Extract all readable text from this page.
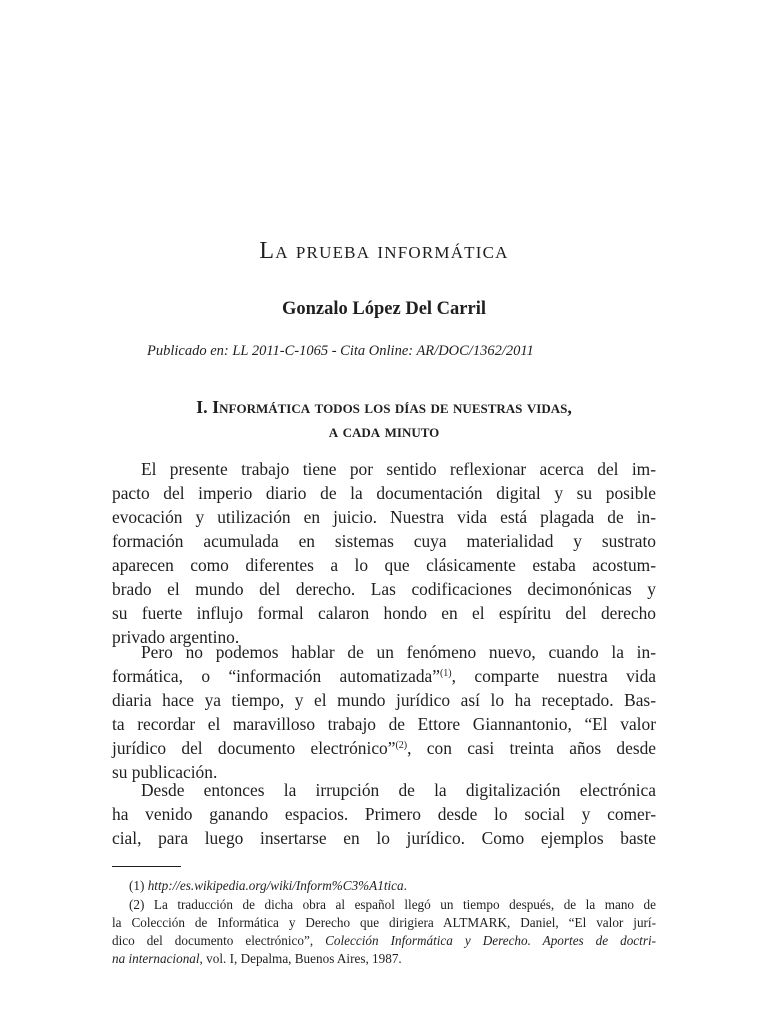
La prueba informática
Gonzalo López Del Carril
Publicado en: LL 2011-C-1065 - Cita Online: AR/DOC/1362/2011
I. Informática todos los días de nuestras vidas,
a cada minuto
El presente trabajo tiene por sentido reflexionar acerca del im-
pacto del imperio diario de la documentación digital y su posible
evocación y utilización en juicio. Nuestra vida está plagada de in-
formación acumulada en sistemas cuya materialidad y sustrato
aparecen como diferentes a lo que clásicamente estaba acostum-
brado el mundo del derecho. Las codificaciones decimonónicas y
su fuerte influjo formal calaron hondo en el espíritu del derecho
privado argentino.
Pero no podemos hablar de un fenómeno nuevo, cuando la in-
formática, o “información automatizada”$^{(1)}$, comparte nuestra vida
diaria hace ya tiempo, y el mundo jurídico así lo ha receptado. Bas-
ta recordar el maravilloso trabajo de Ettore Giannantonio, “El valor
jurídico del documento electrónico”$^{(2)}$, con casi treinta años desde
su publicación.
Desde entonces la irrupción de la digitalización electrónica
ha venido ganando espacios. Primero desde lo social y comer-
cial, para luego insertarse en lo jurídico. Como ejemplos baste
(1) http://es.wikipedia.org/wiki/Inform%C3%A1tica.
(2) La traducción de dicha obra al español llegó un tiempo después, de la mano de
la Colección de Informática y Derecho que dirigiera ALTMARK, Daniel, “El valor jurí-
dico del documento electrónico”, Colección Informática y Derecho. Aportes de doctri-
na internacional, vol. I, Depalma, Buenos Aires, 1987.
